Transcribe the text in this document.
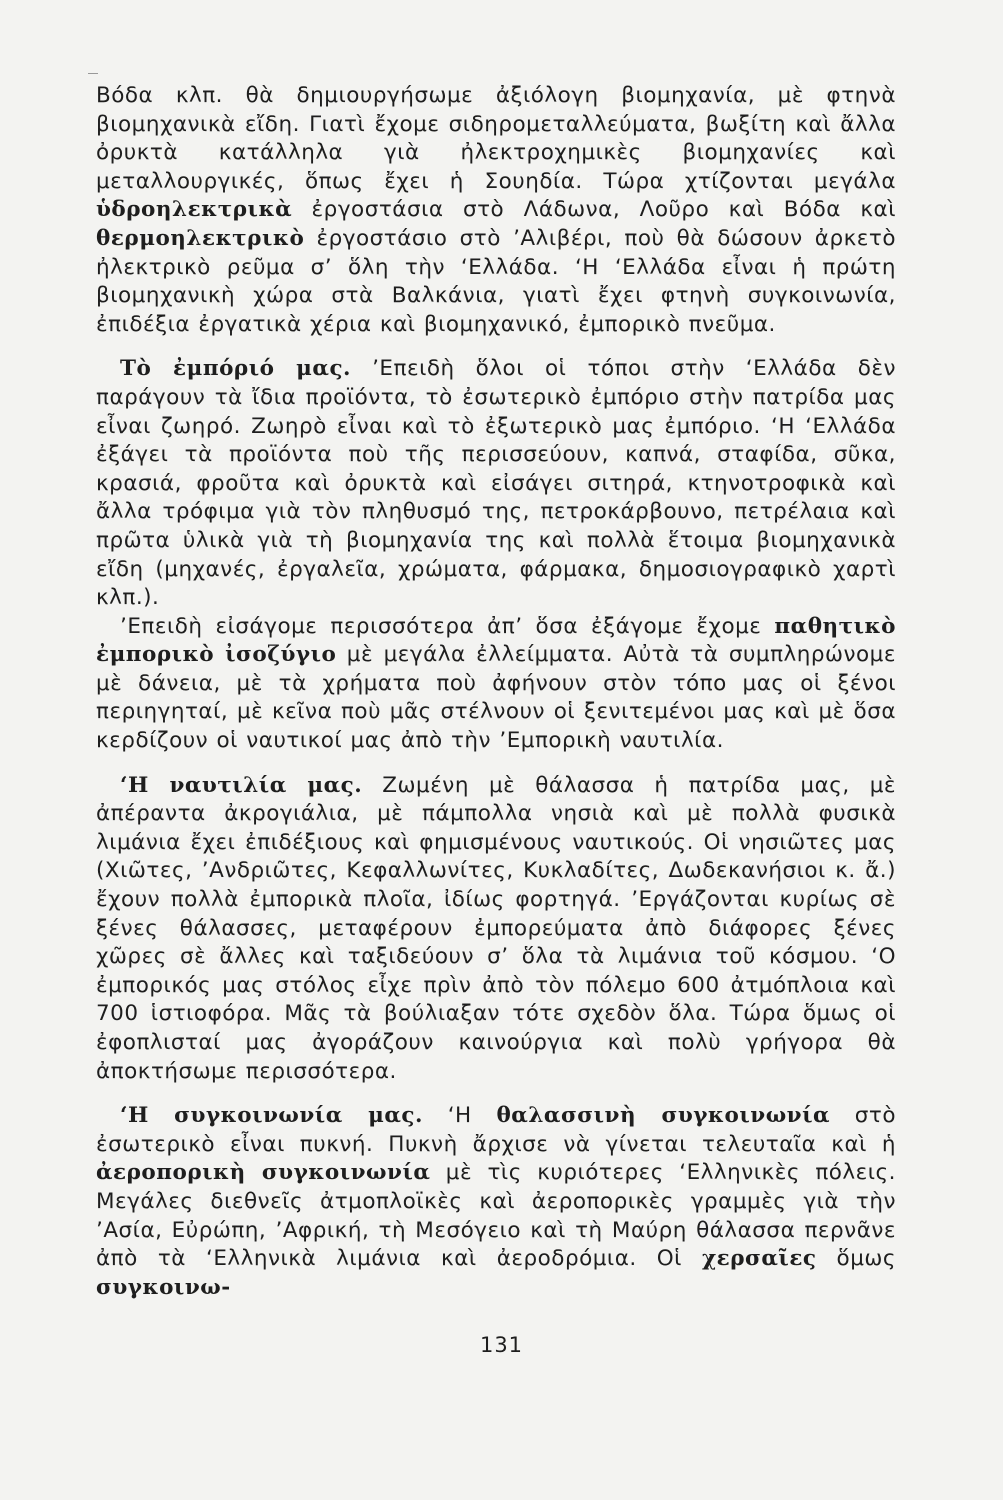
Βόδα κλπ. θὰ δημιουργήσωμε ἀξιόλογη βιομηχανία, μὲ φτηνὰ βιομηχανικὰ εἴδη. Γιατὶ ἔχομε σιδηρομεταλλεύματα, βωξίτη καὶ ἄλλα ὀρυκτὰ κατάλληλα γιὰ ἠλεκτροχημικὲς βιομηχανίες καὶ μεταλλουργικές, ὅπως ἔχει ἡ Σουηδία. Τώρα χτίζονται μεγάλα ὑδροηλεκτρικὰ ἐργοστάσια στὸ Λάδωνα, Λοῦρο καὶ Βόδα καὶ θερμοηλεκτρικὸ ἐργοστάσιο στὸ ’Αλιβέρι, ποὺ θὰ δώσουν ἀρκετὸ ἠλεκτρικὸ ρεῦμα σ’ ὅλη τὴν ‘Ελλάδα. ‘Η ‘Ελλάδα εἶναι ἡ πρώτη βιομηχανικὴ χώρα στὰ Βαλκάνια, γιατὶ ἔχει φτηνὴ συγκοινωνία, ἐπιδέξια ἐργατικὰ χέρια καὶ βιομηχανικό, ἐμπορικὸ πνεῦμα.

Τὸ ἐμπόριό μας. ’Επειδὴ ὅλοι οἱ τόποι στὴν ‘Ελλάδα δὲν παράγουν τὰ ἴδια προϊόντα, τὸ ἐσωτερικὸ ἐμπόριο στὴν πατρίδα μας εἶναι ζωηρό. Ζωηρὸ εἶναι καὶ τὸ ἐξωτερικὸ μας ἐμπόριο. ‘Η ‘Ελλάδα ἐξάγει τὰ προϊόντα ποὺ τῆς περισσεύουν, καπνά, σταφίδα, σῦκα, κρασιά, φροῦτα καὶ ὀρυκτὰ καὶ εἰσάγει σιτηρά, κτηνοτροφικὰ καὶ ἄλλα τρόφιμα γιὰ τὸν πληθυσμό της, πετροκάρβουνο, πετρέλαια καὶ πρῶτα ὑλικὰ γιὰ τὴ βιομηχανία της καὶ πολλὰ ἕτοιμα βιομηχανικὰ εἴδη (μηχανές, ἐργαλεῖα, χρώματα, φάρμακα, δημοσιογραφικὸ χαρτὶ κλπ.).

’Επειδὴ εἰσάγομε περισσότερα ἀπ’ ὅσα ἐξάγομε ἔχομε παθητικὸ ἐμπορικὸ ἰσοζύγιο μὲ μεγάλα ἐλλείμματα. Αὐτὰ τὰ συμπληρώνομε μὲ δάνεια, μὲ τὰ χρήματα ποὺ ἀφήνουν στὸν τόπο μας οἱ ξένοι περιηγηταί, μὲ κεῖνα ποὺ μᾶς στέλνουν οἱ ξενιτεμένοι μας καὶ μὲ ὅσα κερδίζουν οἱ ναυτικοί μας ἀπὸ τὴν ’Εμπορικὴ ναυτιλία.

‘Η ναυτιλία μας. Ζωμένη μὲ θάλασσα ἡ πατρίδα μας, μὲ ἀπέραντα ἀκρογιάλια, μὲ πάμπολλα νησιὰ καὶ μὲ πολλὰ φυσικὰ λιμάνια ἔχει ἐπιδέξιους καὶ φημισμένους ναυτικούς. Οἱ νησιῶτες μας (Χιῶτες, ’Ανδριῶτες, Κεφαλλωνίτες, Κυκλαδίτες, Δωδεκανήσιοι κ. ἄ.) ἔχουν πολλὰ ἐμπορικὰ πλοῖα, ἰδίως φορτηγά. ’Εργάζονται κυρίως σὲ ξένες θάλασσες, μεταφέρουν ἐμπορεύματα ἀπὸ διάφορες ξένες χῶρες σὲ ἄλλες καὶ ταξιδεύουν σ’ ὅλα τὰ λιμάνια τοῦ κόσμου. ‘Ο ἐμπορικός μας στόλος εἶχε πρὶν ἀπὸ τὸν πόλεμο 600 ἀτμόπλοια καὶ 700 ἱστιοφόρα. Μᾶς τὰ βούλιαξαν τότε σχεδὸν ὅλα. Τώρα ὅμως οἱ ἐφοπλισταί μας ἀγοράζουν καινούργια καὶ πολὺ γρήγορα θὰ ἀποκτήσωμε περισσότερα.

‘Η συγκοινωνία μας. ‘Η θαλασσινὴ συγκοινωνία στὸ ἐσωτερικὸ εἶναι πυκνή. Πυκνὴ ἄρχισε νὰ γίνεται τελευταῖα καὶ ἡ ἀεροπορικὴ συγκοινωνία μὲ τὶς κυριότερες ‘Ελληνικὲς πόλεις. Μεγάλες διεθνεῖς ἀτμοπλοϊκὲς καὶ ἀεροπορικὲς γραμμὲς γιὰ τὴν ’Ασία, Εὐρώπη, ’Αφρική, τὴ Μεσόγειο καὶ τὴ Μαύρη θάλασσα περνᾶνε ἀπὸ τὰ ‘Ελληνικὰ λιμάνια καὶ ἀεροδρόμια. Οἱ χερσαῖες ὅμως συγκοινω-

131
